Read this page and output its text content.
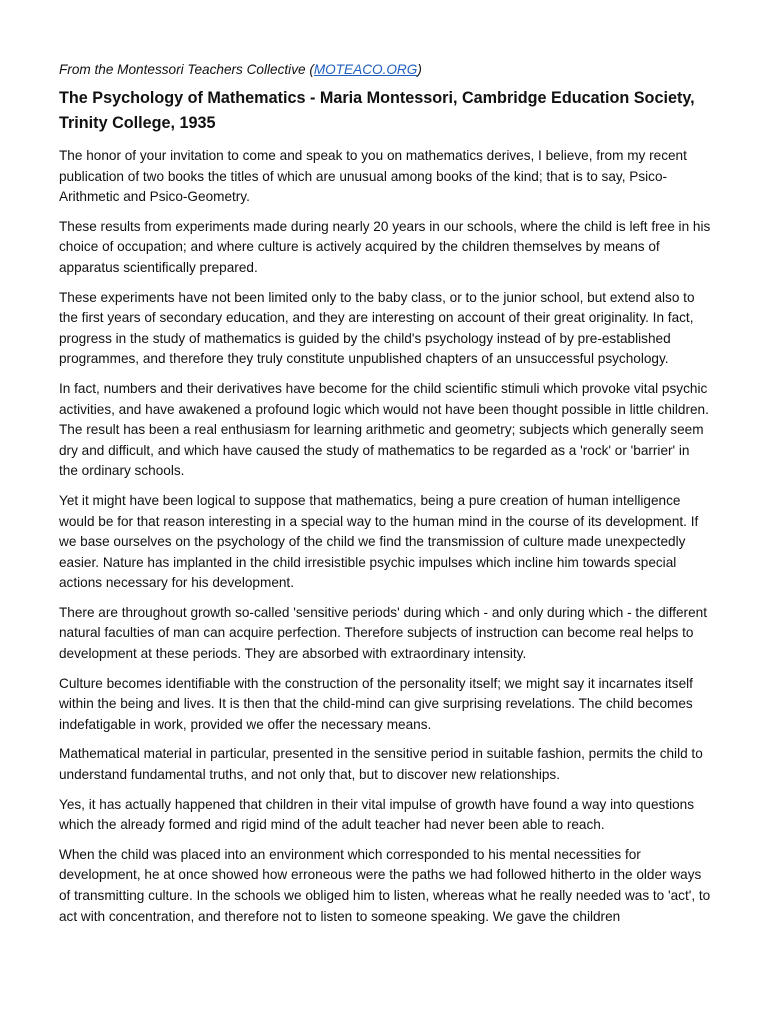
From the Montessori Teachers Collective (MOTEACO.ORG)

The Psychology of Mathematics - Maria Montessori, Cambridge Education Society, Trinity College, 1935

The honor of your invitation to come and speak to you on mathematics derives, I believe, from my recent publication of two books the titles of which are unusual among books of the kind; that is to say, Psico-Arithmetic and Psico-Geometry.

These results from experiments made during nearly 20 years in our schools, where the child is left free in his choice of occupation; and where culture is actively acquired by the children themselves by means of apparatus scientifically prepared.

These experiments have not been limited only to the baby class, or to the junior school, but extend also to the first years of secondary education, and they are interesting on account of their great originality. In fact, progress in the study of mathematics is guided by the child's psychology instead of by pre-established programmes, and therefore they truly constitute unpublished chapters of an unsuccessful psychology.

In fact, numbers and their derivatives have become for the child scientific stimuli which provoke vital psychic activities, and have awakened a profound logic which would not have been thought possible in little children. The result has been a real enthusiasm for learning arithmetic and geometry; subjects which generally seem dry and difficult, and which have caused the study of mathematics to be regarded as a 'rock' or 'barrier' in the ordinary schools.

Yet it might have been logical to suppose that mathematics, being a pure creation of human intelligence would be for that reason interesting in a special way to the human mind in the course of its development. If we base ourselves on the psychology of the child we find the transmission of culture made unexpectedly easier. Nature has implanted in the child irresistible psychic impulses which incline him towards special actions necessary for his development.

There are throughout growth so-called 'sensitive periods' during which - and only during which - the different natural faculties of man can acquire perfection. Therefore subjects of instruction can become real helps to development at these periods. They are absorbed with extraordinary intensity.

Culture becomes identifiable with the construction of the personality itself; we might say it incarnates itself within the being and lives. It is then that the child-mind can give surprising revelations. The child becomes indefatigable in work, provided we offer the necessary means.

Mathematical material in particular, presented in the sensitive period in suitable fashion, permits the child to understand fundamental truths, and not only that, but to discover new relationships.

Yes, it has actually happened that children in their vital impulse of growth have found a way into questions which the already formed and rigid mind of the adult teacher had never been able to reach.

When the child was placed into an environment which corresponded to his mental necessities for development, he at once showed how erroneous were the paths we had followed hitherto in the older ways of transmitting culture. In the schools we obliged him to listen, whereas what he really needed was to 'act', to act with concentration, and therefore not to listen to someone speaking. We gave the children
